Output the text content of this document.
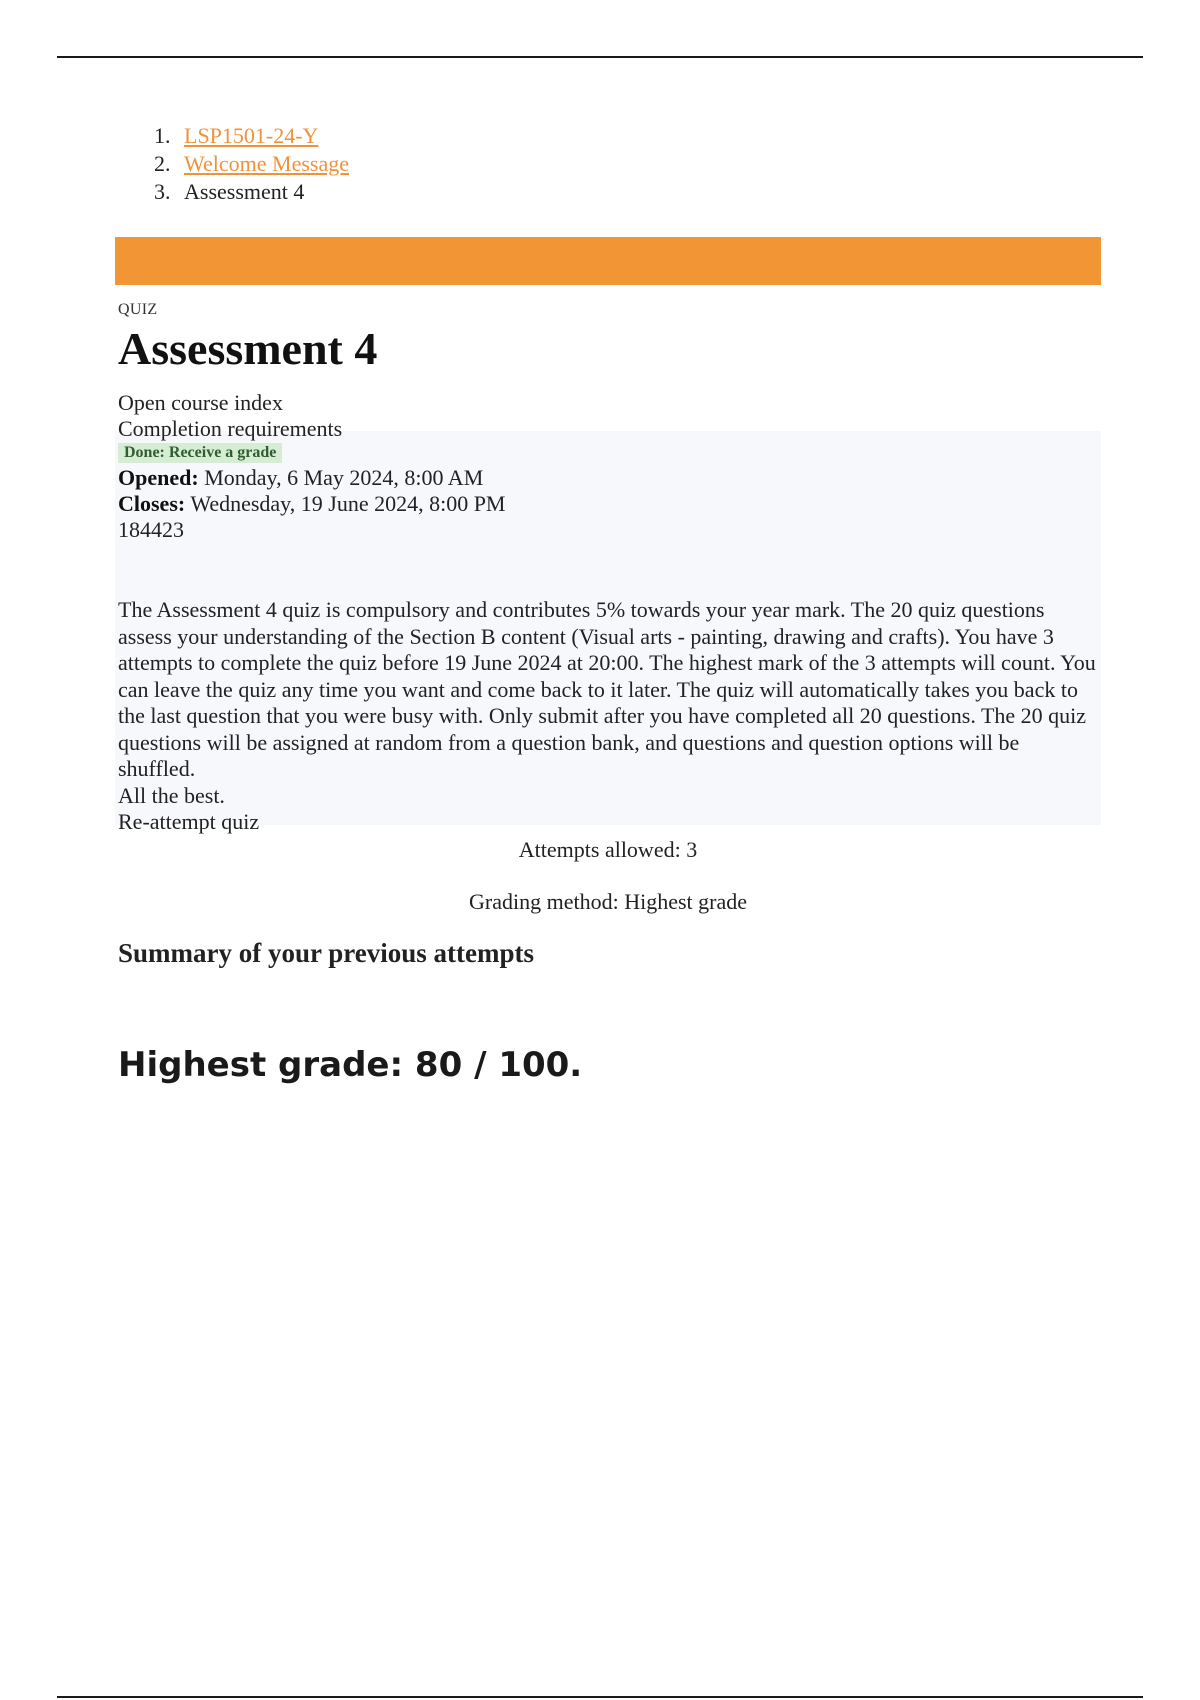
1. LSP1501-24-Y
2. Welcome Message
3. Assessment 4
QUIZ
Assessment 4
Open course index
Completion requirements
Done: Receive a grade
Opened: Monday, 6 May 2024, 8:00 AM
Closes: Wednesday, 19 June 2024, 8:00 PM
184423
The Assessment 4 quiz is compulsory and contributes 5% towards your year mark. The 20 quiz questions assess your understanding of the Section B content (Visual arts - painting, drawing and crafts). You have 3 attempts to complete the quiz before 19 June 2024 at 20:00. The highest mark of the 3 attempts will count. You can leave the quiz any time you want and come back to it later. The quiz will automatically takes you back to the last question that you were busy with. Only submit after you have completed all 20 questions. The 20 quiz questions will be assigned at random from a question bank, and questions and question options will be shuffled.
All the best.
Re-attempt quiz
Attempts allowed: 3
Grading method: Highest grade
Summary of your previous attempts
Highest grade: 80 / 100.
